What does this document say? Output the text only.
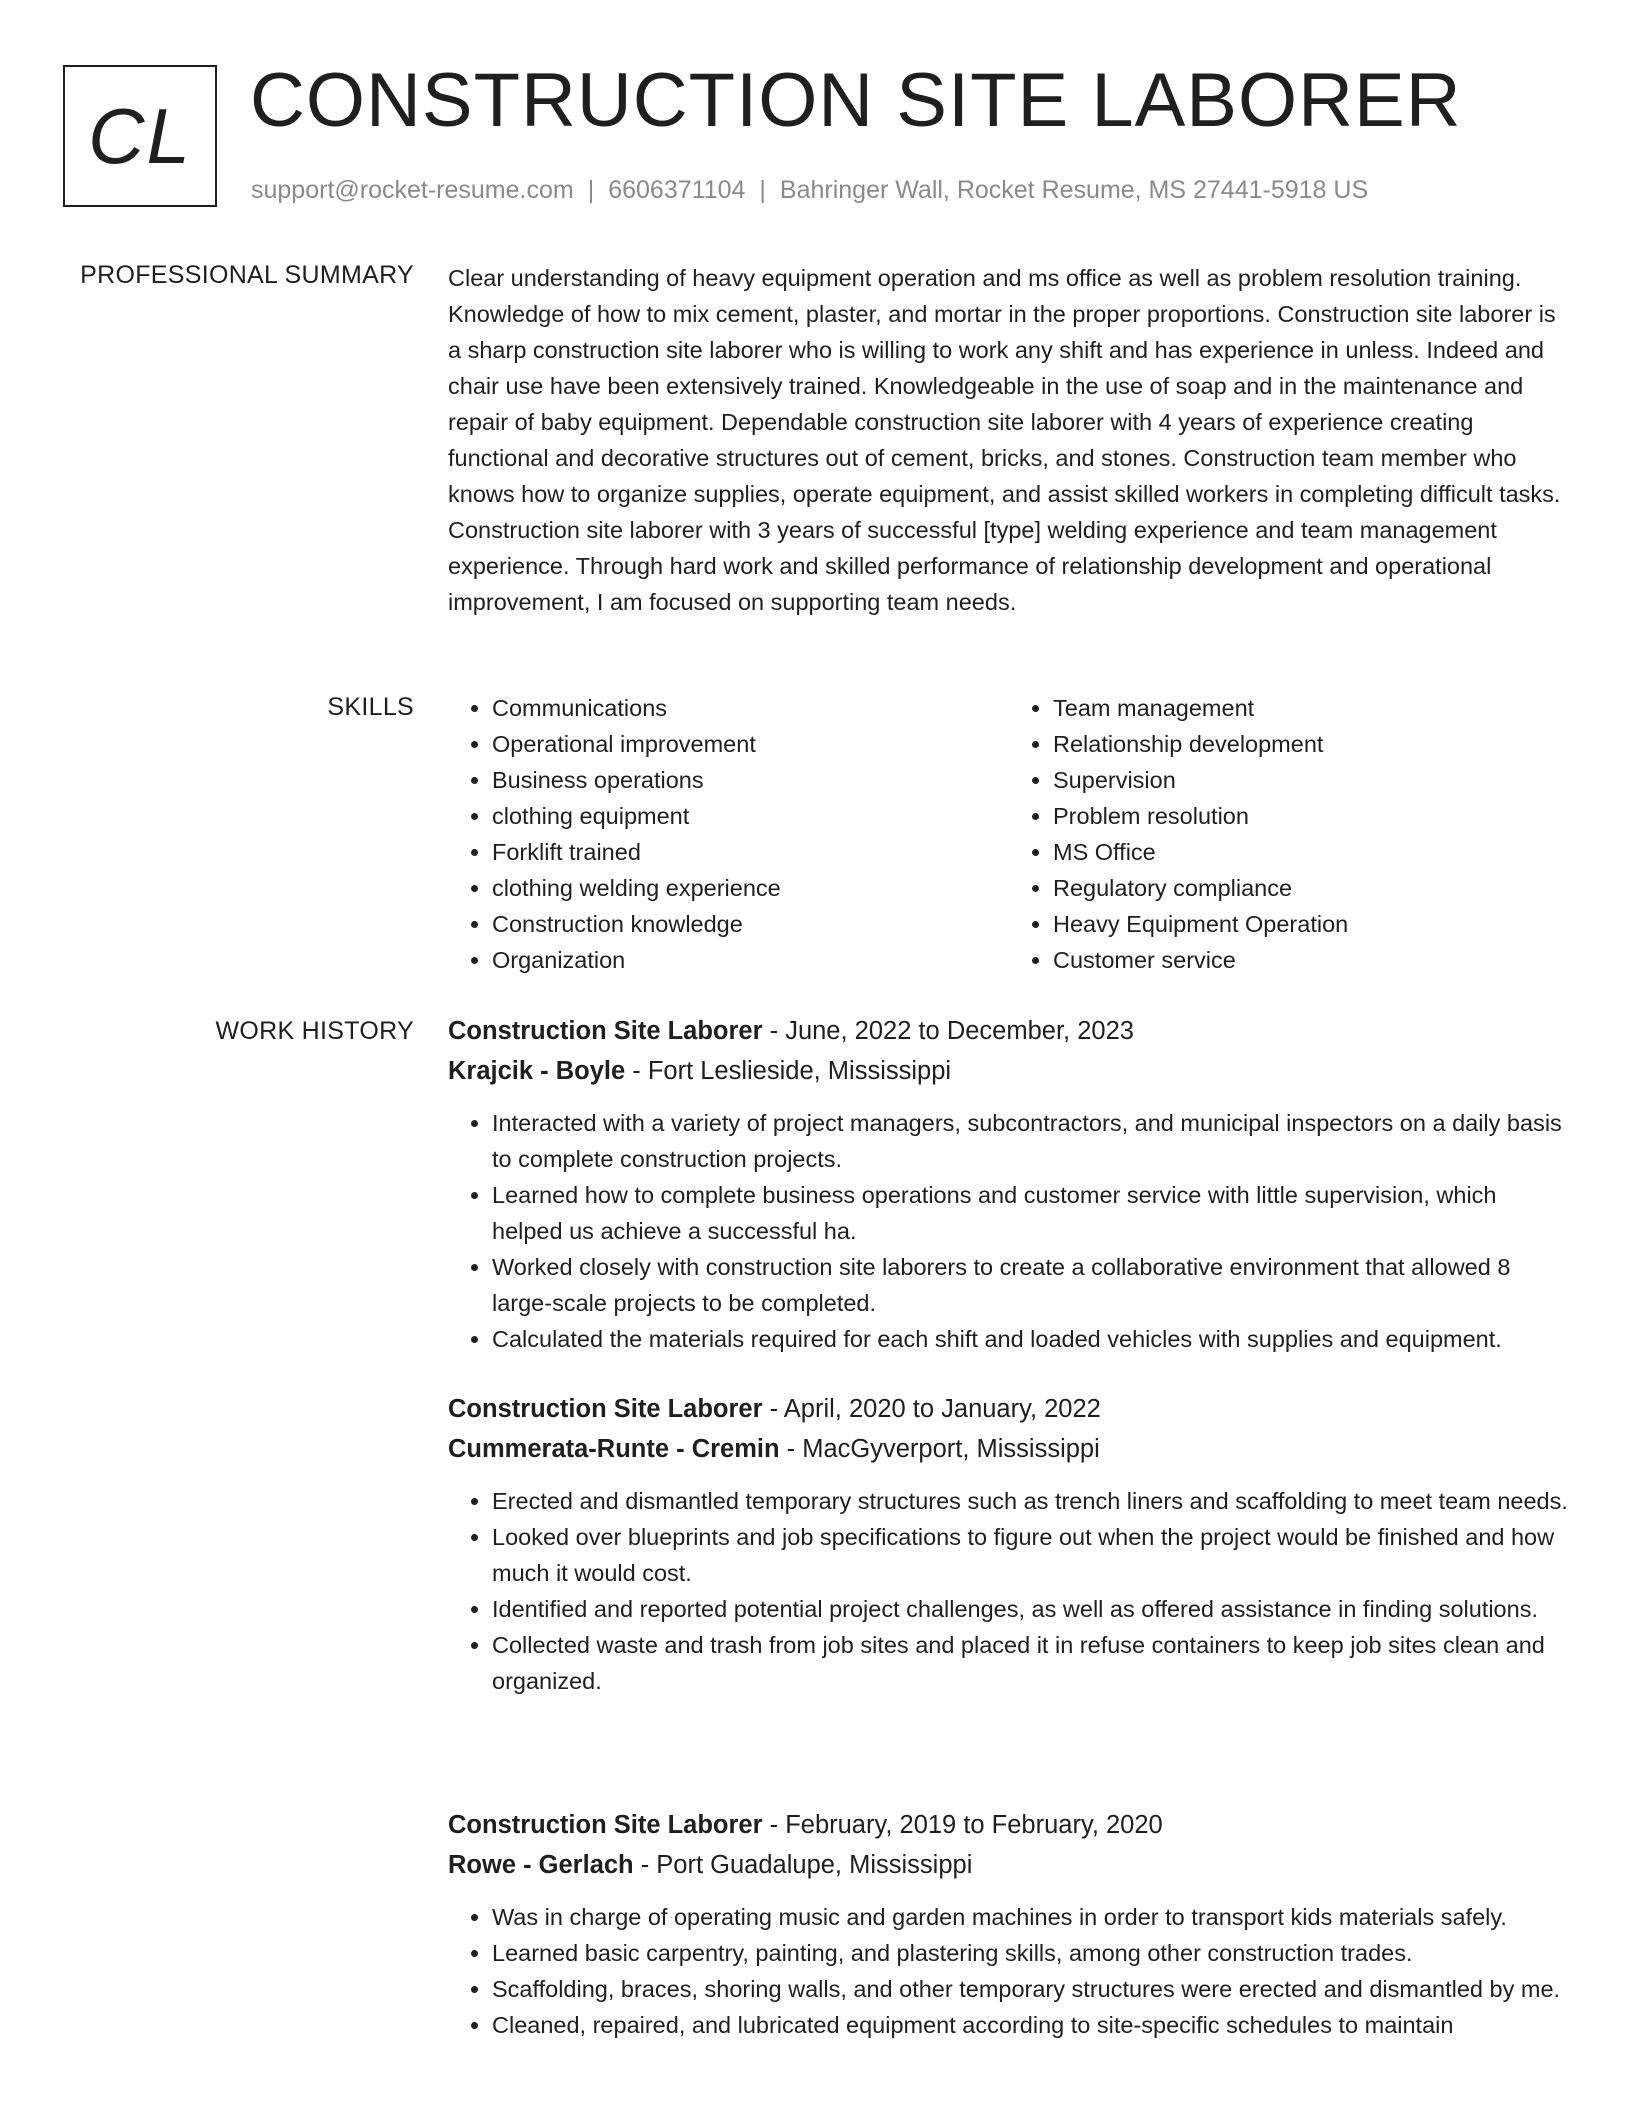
CL CONSTRUCTION SITE LABORER
support@rocket-resume.com | 6606371104 | Bahringer Wall, Rocket Resume, MS 27441-5918 US
PROFESSIONAL SUMMARY Clear understanding of heavy equipment operation and ms office as well as problem resolution training. Knowledge of how to mix cement, plaster, and mortar in the proper proportions. Construction site laborer is a sharp construction site laborer who is willing to work any shift and has experience in unless. Indeed and chair use have been extensively trained. Knowledgeable in the use of soap and in the maintenance and repair of baby equipment. Dependable construction site laborer with 4 years of experience creating functional and decorative structures out of cement, bricks, and stones. Construction team member who knows how to organize supplies, operate equipment, and assist skilled workers in completing difficult tasks. Construction site laborer with 3 years of successful [type] welding experience and team management experience. Through hard work and skilled performance of relationship development and operational improvement, I am focused on supporting team needs.
SKILLS
•	Communications
• Operational improvement
• Business operations
• clothing equipment
• Forklift trained
• clothing welding experience
• Construction knowledge
• Organization
• Team management
• Relationship development
• Supervision
• Problem resolution
• MS Office
• Regulatory compliance
• Heavy Equipment Operation
• Customer service
WORK HISTORY Construction Site Laborer - June, 2022 to December, 2023
Krajcik - Boyle - Fort Leslieside, Mississippi
• Interacted with a variety of project managers, subcontractors, and municipal inspectors on a daily basis to complete construction projects.
• Learned how to complete business operations and customer service with little supervision, which helped us achieve a successful ha.
• Worked closely with construction site laborers to create a collaborative environment that allowed 8 large-scale projects to be completed.
• Calculated the materials required for each shift and loaded vehicles with supplies and equipment.
Construction Site Laborer - April, 2020 to January, 2022
Cummerata-Runte - Cremin - MacGyverport, Mississippi
• Erected and dismantled temporary structures such as trench liners and scaffolding to meet team needs.
• Looked over blueprints and job specifications to figure out when the project would be finished and how much it would cost.
• Identified and reported potential project challenges, as well as offered assistance in finding solutions.
• Collected waste and trash from job sites and placed it in refuse containers to keep job sites clean and organized.
Construction Site Laborer - February, 2019 to February, 2020
Rowe - Gerlach - Port Guadalupe, Mississippi
• Was in charge of operating music and garden machines in order to transport kids materials safely.
• Learned basic carpentry, painting, and plastering skills, among other construction trades.
• Scaffolding, braces, shoring walls, and other temporary structures were erected and dismantled by me.
• Cleaned, repaired, and lubricated equipment according to site-specific schedules to maintain
